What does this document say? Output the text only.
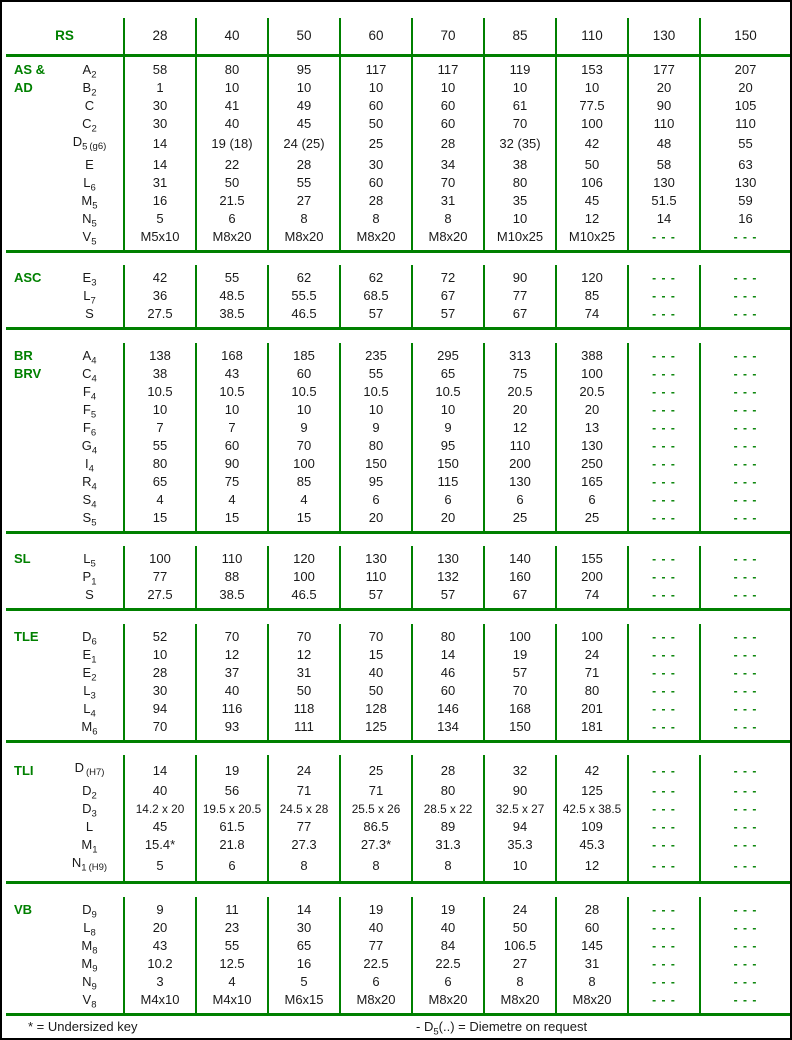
RS		28	40	50	60	70	85	110	130	150
AS &	$A_2$	58	80	95	117	117	119	153	177	207
AD	$B_2$	1	10	10	10	10	10	10	20	20
	C	30	41	49	60	60	61	77.5	90	105
	$C_2$	30	40	45	50	60	70	100	110	110
	$D_5$ $_{(g6)}$	14	19 (18)	24 (25)	25	28	32 (35)	42	48	55
	E	14	22	28	30	34	38	50	58	63
	$L_6$	31	50	55	60	70	80	106	130	130
	$M_5$	16	21.5	27	28	31	35	45	51.5	59
	$N_5$	5	6	8	8	8	10	12	14	16
	$V_5$	M5x10	M8x20	M8x20	M8x20	M8x20	M10x25	M10x25	- - -	- - -

ASC	$E_3$	42	55	62	62	72	90	120	- - -	- - -
	$L_7$	36	48.5	55.5	68.5	67	77	85	- - -	- - -
	S	27.5	38.5	46.5	57	57	67	74	- - -	- - -

BR	$A_4$	138	168	185	235	295	313	388	- - -	- - -
BRV	$C_4$	38	43	60	55	65	75	100	- - -	- - -
	$F_4$	10.5	10.5	10.5	10.5	10.5	20.5	20.5	- - -	- - -
	$F_5$	10	10	10	10	10	20	20	- - -	- - -
	$F_6$	7	7	9	9	9	12	13	- - -	- - -
	$G_4$	55	60	70	80	95	110	130	- - -	- - -
	$I_4$	80	90	100	150	150	200	250	- - -	- - -
	$R_4$	65	75	85	95	115	130	165	- - -	- - -
	$S_4$	4	4	4	6	6	6	6	- - -	- - -
	$S_5$	15	15	15	20	20	25	25	- - -	- - -

SL	$L_5$	100	110	120	130	130	140	155	- - -	- - -
	$P_1$	77	88	100	110	132	160	200	- - -	- - -
	S	27.5	38.5	46.5	57	57	67	74	- - -	- - -

TLE	$D_6$	52	70	70	70	80	100	100	- - -	- - -
	$E_1$	10	12	12	15	14	19	24	- - -	- - -
	$E_2$	28	37	31	40	46	57	71	- - -	- - -
	$L_3$	30	40	50	50	60	70	80	- - -	- - -
	$L_4$	94	116	118	128	146	168	201	- - -	- - -
	$M_6$	70	93	111	125	134	150	181	- - -	- - -

TLI	D $_{(H7)}$	14	19	24	25	28	32	42	- - -	- - -
	$D_2$	40	56	71	71	80	90	125	- - -	- - -
	$D_3$	14.2 x 20	19.5 x 20.5	24.5 x 28	25.5 x 26	28.5 x 22	32.5 x 27	42.5 x 38.5	- - -	- - -
	L	45	61.5	77	86.5	89	94	109	- - -	- - -
	$M_1$	15.4*	21.8	27.3	27.3*	31.3	35.3	45.3	- - -	- - -
	$N_1$ $_{(H9)}$	5	6	8	8	8	10	12	- - -	- - -

VB	$D_9$	9	11	14	19	19	24	28	- - -	- - -
	$L_8$	20	23	30	40	40	50	60	- - -	- - -
	$M_8$	43	55	65	77	84	106.5	145	- - -	- - -
	$M_9$	10.2	12.5	16	22.5	22.5	27	31	- - -	- - -
	$N_9$	3	4	5	6	6	8	8	- - -	- - -
	$V_8$	M4x10	M4x10	M6x15	M8x20	M8x20	M8x20	M8x20	- - -	- - -
* = Undersized key	- $D_5(..)$ = Diemetre on request
